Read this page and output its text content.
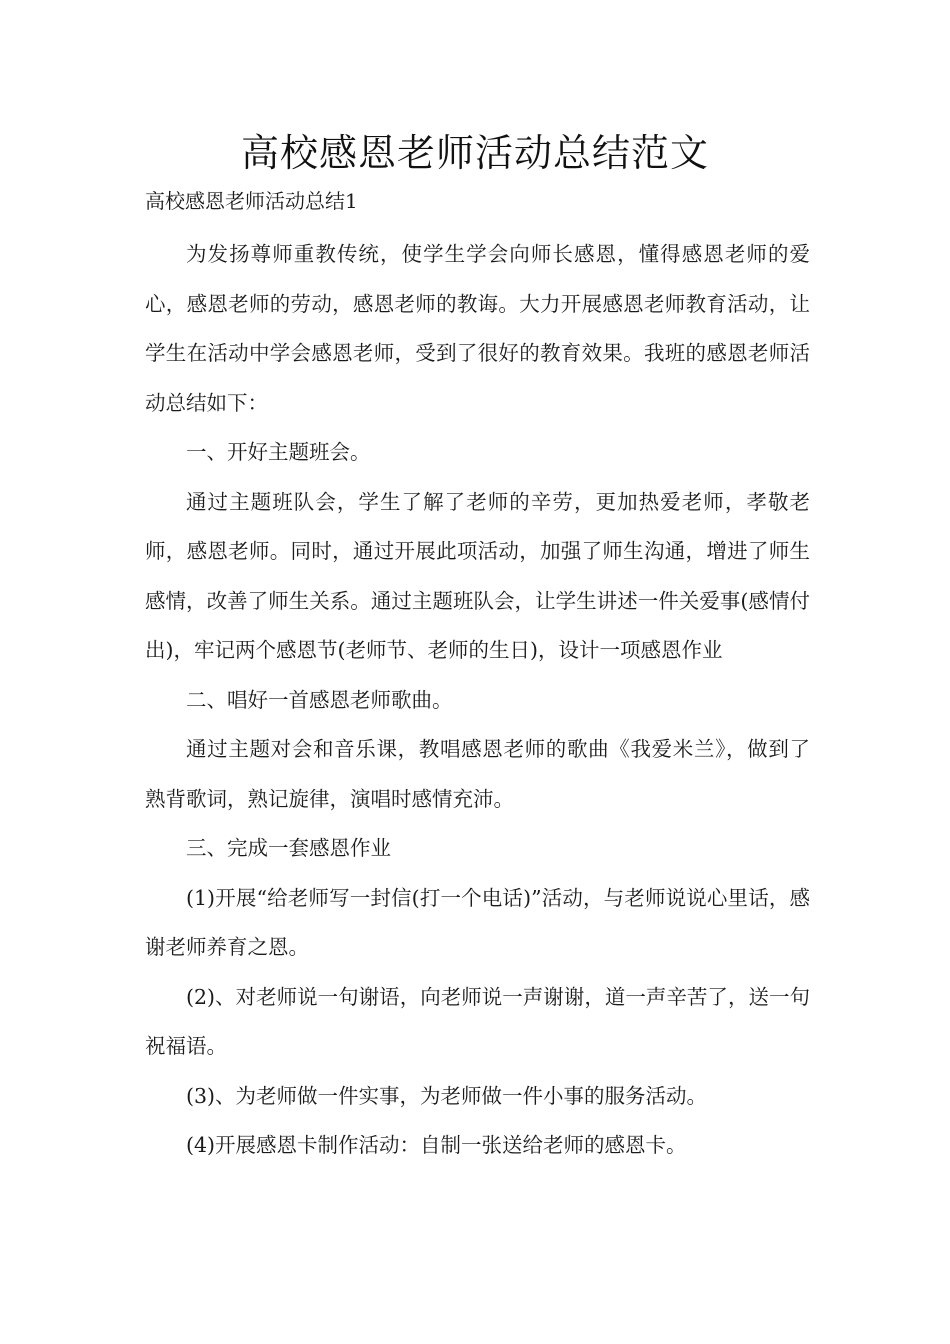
高校感恩老师活动总结范文
高校感恩老师活动总结1

为发扬尊师重教传统，使学生学会向师长感恩，懂得感恩老师的爱心，感恩老师的劳动，感恩老师的教诲。大力开展感恩老师教育活动，让学生在活动中学会感恩老师，受到了很好的教育效果。我班的感恩老师活动总结如下：

一、开好主题班会。

通过主题班队会，学生了解了老师的辛劳，更加热爱老师，孝敬老师，感恩老师。同时，通过开展此项活动，加强了师生沟通，增进了师生感情，改善了师生关系。通过主题班队会，让学生讲述一件关爱事(感情付出)，牢记两个感恩节(老师节、老师的生日)，设计一项感恩作业

二、唱好一首感恩老师歌曲。

通过主题对会和音乐课，教唱感恩老师的歌曲《我爱米兰》，做到了熟背歌词，熟记旋律，演唱时感情充沛。

三、完成一套感恩作业

(1)开展“给老师写一封信(打一个电话)”活动，与老师说说心里话，感谢老师养育之恩。

(2)、对老师说一句谢语，向老师说一声谢谢，道一声辛苦了，送一句祝福语。

(3)、为老师做一件实事，为老师做一件小事的服务活动。

(4)开展感恩卡制作活动：自制一张送给老师的感恩卡。
